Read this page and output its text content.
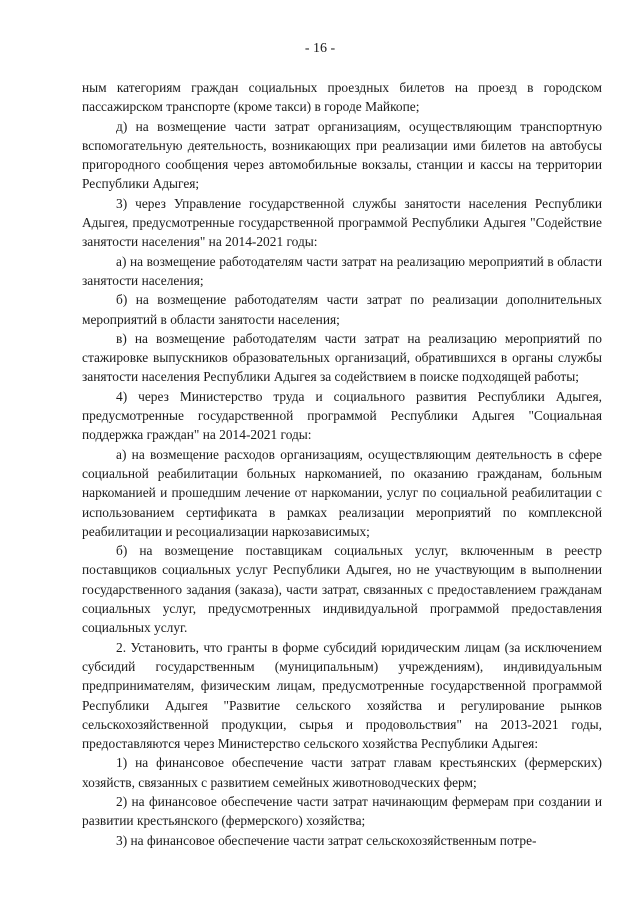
- 16 -

ным категориям граждан социальных проездных билетов на проезд в городском пассажирском транспорте (кроме такси) в городе Майкопе;

д) на возмещение части затрат организациям, осуществляющим транспортную вспомогательную деятельность, возникающих при реализации ими билетов на автобусы пригородного сообщения через автомобильные вокзалы, станции и кассы на территории Республики Адыгея;

3) через Управление государственной службы занятости населения Республики Адыгея, предусмотренные государственной программой Республики Адыгея "Содействие занятости населения" на 2014-2021 годы:

а) на возмещение работодателям части затрат на реализацию мероприятий в области занятости населения;

б) на возмещение работодателям части затрат по реализации дополнительных мероприятий в области занятости населения;

в) на возмещение работодателям части затрат на реализацию мероприятий по стажировке выпускников образовательных организаций, обратившихся в органы службы занятости населения Республики Адыгея за содействием в поиске подходящей работы;

4) через Министерство труда и социального развития Республики Адыгея, предусмотренные государственной программой Республики Адыгея "Социальная поддержка граждан" на 2014-2021 годы:

а) на возмещение расходов организациям, осуществляющим деятельность в сфере социальной реабилитации больных наркоманией, по оказанию гражданам, больным наркоманией и прошедшим лечение от наркомании, услуг по социальной реабилитации с использованием сертификата в рамках реализации мероприятий по комплексной реабилитации и ресоциализации наркозависимых;

б) на возмещение поставщикам социальных услуг, включенным в реестр поставщиков социальных услуг Республики Адыгея, но не участвующим в выполнении государственного задания (заказа), части затрат, связанных с предоставлением гражданам социальных услуг, предусмотренных индивидуальной программой предоставления социальных услуг.

2. Установить, что гранты в форме субсидий юридическим лицам (за исключением субсидий государственным (муниципальным) учреждениям), индивидуальным предпринимателям, физическим лицам, предусмотренные государственной программой Республики Адыгея "Развитие сельского хозяйства и регулирование рынков сельскохозяйственной продукции, сырья и продовольствия" на 2013-2021 годы, предоставляются через Министерство сельского хозяйства Республики Адыгея:

1) на финансовое обеспечение части затрат главам крестьянских (фермерских) хозяйств, связанных с развитием семейных животноводческих ферм;

2) на финансовое обеспечение части затрат начинающим фермерам при создании и развитии крестьянского (фермерского) хозяйства;

3) на финансовое обеспечение части затрат сельскохозяйственным потре-
